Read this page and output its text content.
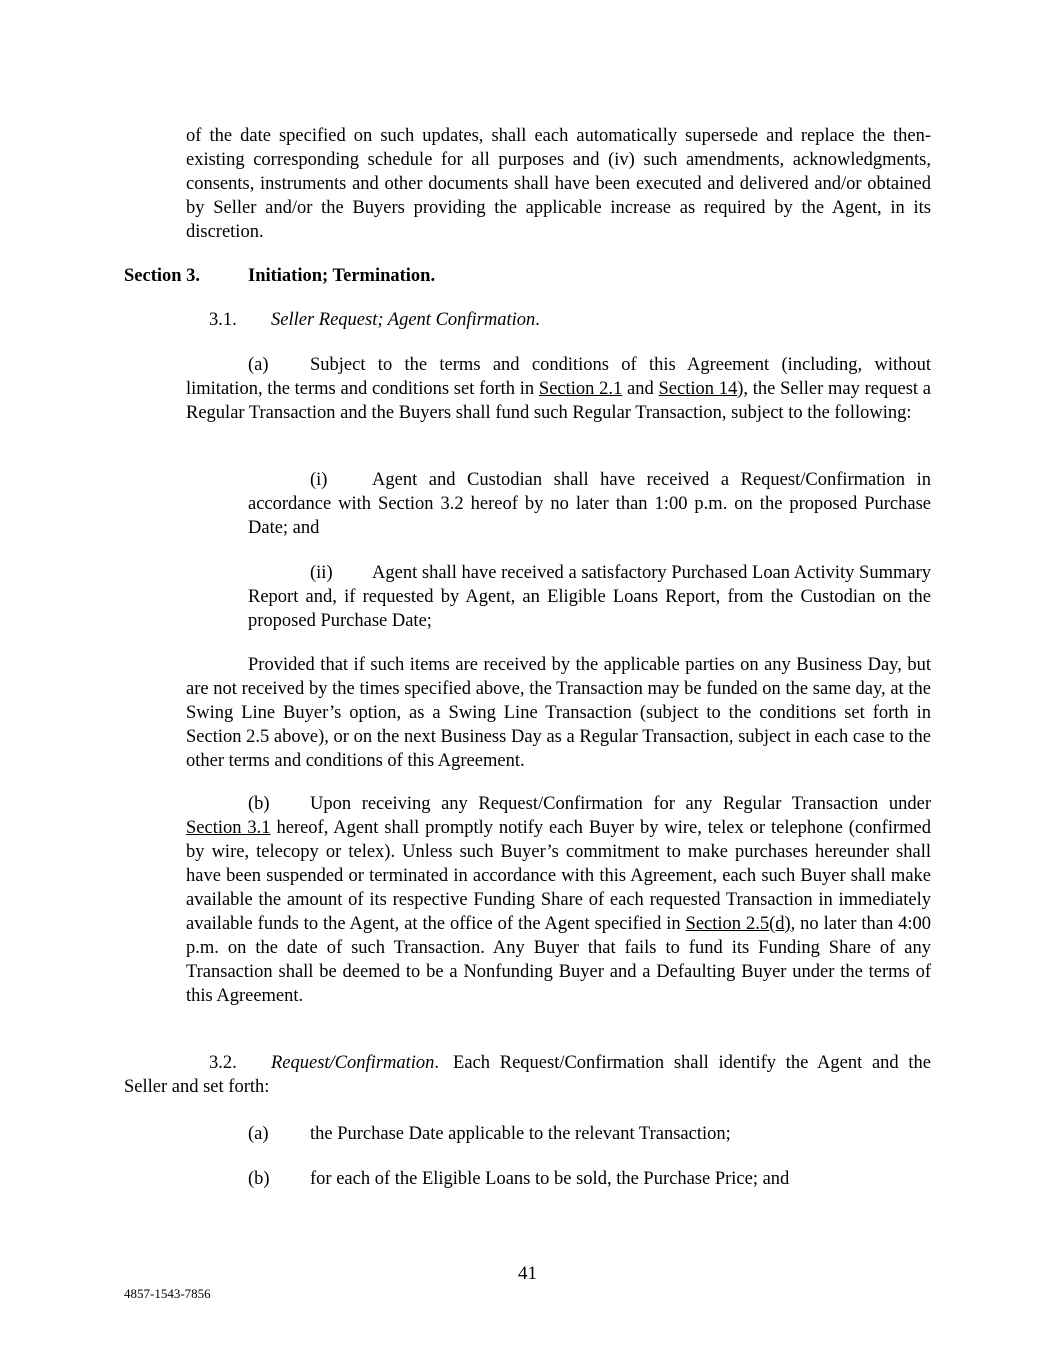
of the date specified on such updates, shall each automatically supersede and replace the then-existing corresponding schedule for all purposes and (iv) such amendments, acknowledgments, consents, instruments and other documents shall have been executed and delivered and/or obtained by Seller and/or the Buyers providing the applicable increase as required by the Agent, in its discretion.

Section 3.	Initiation; Termination.
3.1. Seller Request; Agent Confirmation.

(a) Subject to the terms and conditions of this Agreement (including, without limitation, the terms and conditions set forth in Section 2.1 and Section 14), the Seller may request a Regular Transaction and the Buyers shall fund such Regular Transaction, subject to the following:

(i) Agent and Custodian shall have received a Request/Confirmation in accordance with Section 3.2 hereof by no later than 1:00 p.m. on the proposed Purchase Date; and

(ii) Agent shall have received a satisfactory Purchased Loan Activity Summary Report and, if requested by Agent, an Eligible Loans Report, from the Custodian on the proposed Purchase Date;

Provided that if such items are received by the applicable parties on any Business Day, but are not received by the times specified above, the Transaction may be funded on the same day, at the Swing Line Buyer’s option, as a Swing Line Transaction (subject to the conditions set forth in Section 2.5 above), or on the next Business Day as a Regular Transaction, subject in each case to the other terms and conditions of this Agreement.

(b) Upon receiving any Request/Confirmation for any Regular Transaction under Section 3.1 hereof, Agent shall promptly notify each Buyer by wire, telex or telephone (confirmed by wire, telecopy or telex). Unless such Buyer’s commitment to make purchases hereunder shall have been suspended or terminated in accordance with this Agreement, each such Buyer shall make available the amount of its respective Funding Share of each requested Transaction in immediately available funds to the Agent, at the office of the Agent specified in Section 2.5(d), no later than 4:00 p.m. on the date of such Transaction. Any Buyer that fails to fund its Funding Share of any Transaction shall be deemed to be a Nonfunding Buyer and a Defaulting Buyer under the terms of this Agreement.

3.2. Request/Confirmation. Each Request/Confirmation shall identify the Agent and the Seller and set forth:

(a) the Purchase Date applicable to the relevant Transaction;
(b) for each of the Eligible Loans to be sold, the Purchase Price; and
41
4857-1543-7856
